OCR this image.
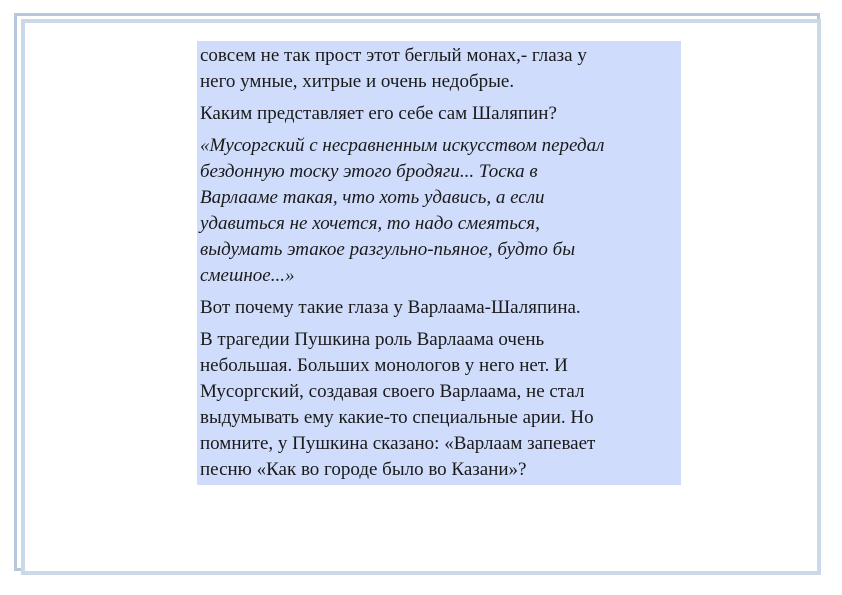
совсем не так прост этот беглый монах,- глаза у
него умные, хитрые и очень недобрые.

Каким представляет его себе сам Шаляпин?

«Мусоргский с несравненным искусством передал
бездонную тоску этого бродяги... Тоска в
Варлааме такая, что хоть удавись, а если
удавиться не хочется, то надо смеяться,
выдумать этакое разгульно-пьяное, будто бы
смешное...»

Вот почему такие глаза у Варлаама-Шаляпина.

В трагедии Пушкина роль Варлаама очень
небольшая. Больших монологов у него нет. И
Мусоргский, создавая своего Варлаама, не стал
выдумывать ему какие-то специальные арии. Но
помните, у Пушкина сказано: «Варлаам запевает
песню «Как во городе было во Казани»?
